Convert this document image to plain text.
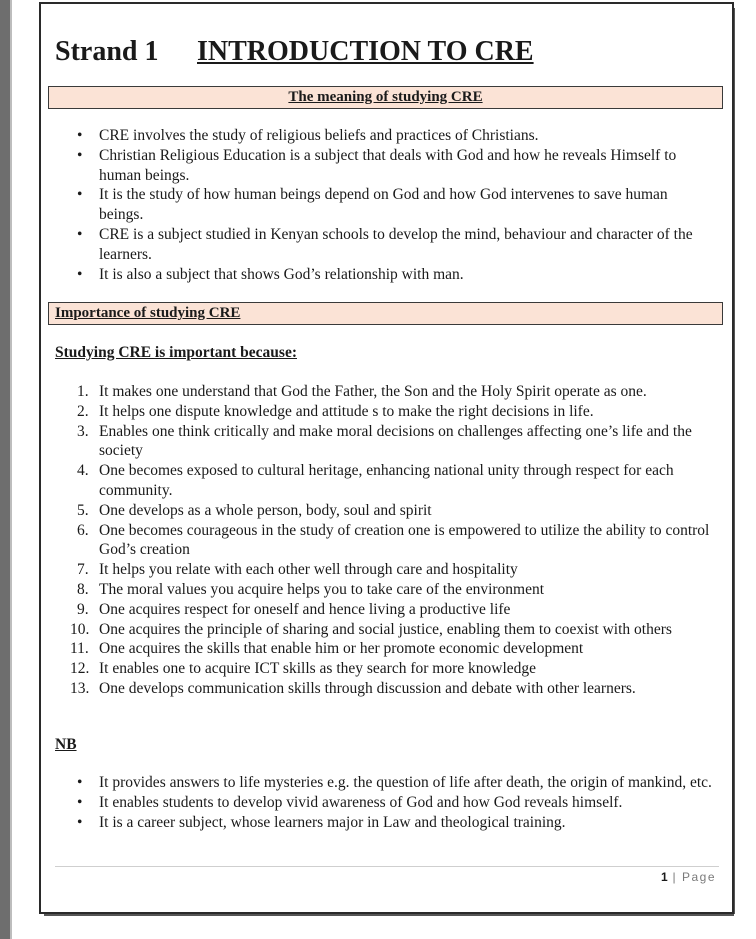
Strand 1 INTRODUCTION TO CRE
The meaning of studying CRE
• CRE involves the study of religious beliefs and practices of Christians.
• Christian Religious Education is a subject that deals with God and how he reveals Himself to human beings.
• It is the study of how human beings depend on God and how God intervenes to save human beings.
• CRE is a subject studied in Kenyan schools to develop the mind, behaviour and character of the learners.
• It is also a subject that shows God’s relationship with man.
Importance of studying CRE
Studying CRE is important because:
1. It makes one understand that God the Father, the Son and the Holy Spirit operate as one.
2. It helps one dispute knowledge and attitude s to make the right decisions in life.
3. Enables one think critically and make moral decisions on challenges affecting one’s life and the society
4. One becomes exposed to cultural heritage, enhancing national unity through respect for each community.
5. One develops as a whole person, body, soul and spirit
6. One becomes courageous in the study of creation one is empowered to utilize the ability to control God’s creation
7. It helps you relate with each other well through care and hospitality
8. The moral values you acquire helps you to take care of the environment
9. One acquires respect for oneself and hence living a productive life
10. One acquires the principle of sharing and social justice, enabling them to coexist with others
11. One acquires the skills that enable him or her promote economic development
12. It enables one to acquire ICT skills as they search for more knowledge
13. One develops communication skills through discussion and debate with other learners.
NB
• It provides answers to life mysteries e.g. the question of life after death, the origin of mankind, etc.
• It enables students to develop vivid awareness of God and how God reveals himself.
• It is a career subject, whose learners major in Law and theological training.
1 | Page
